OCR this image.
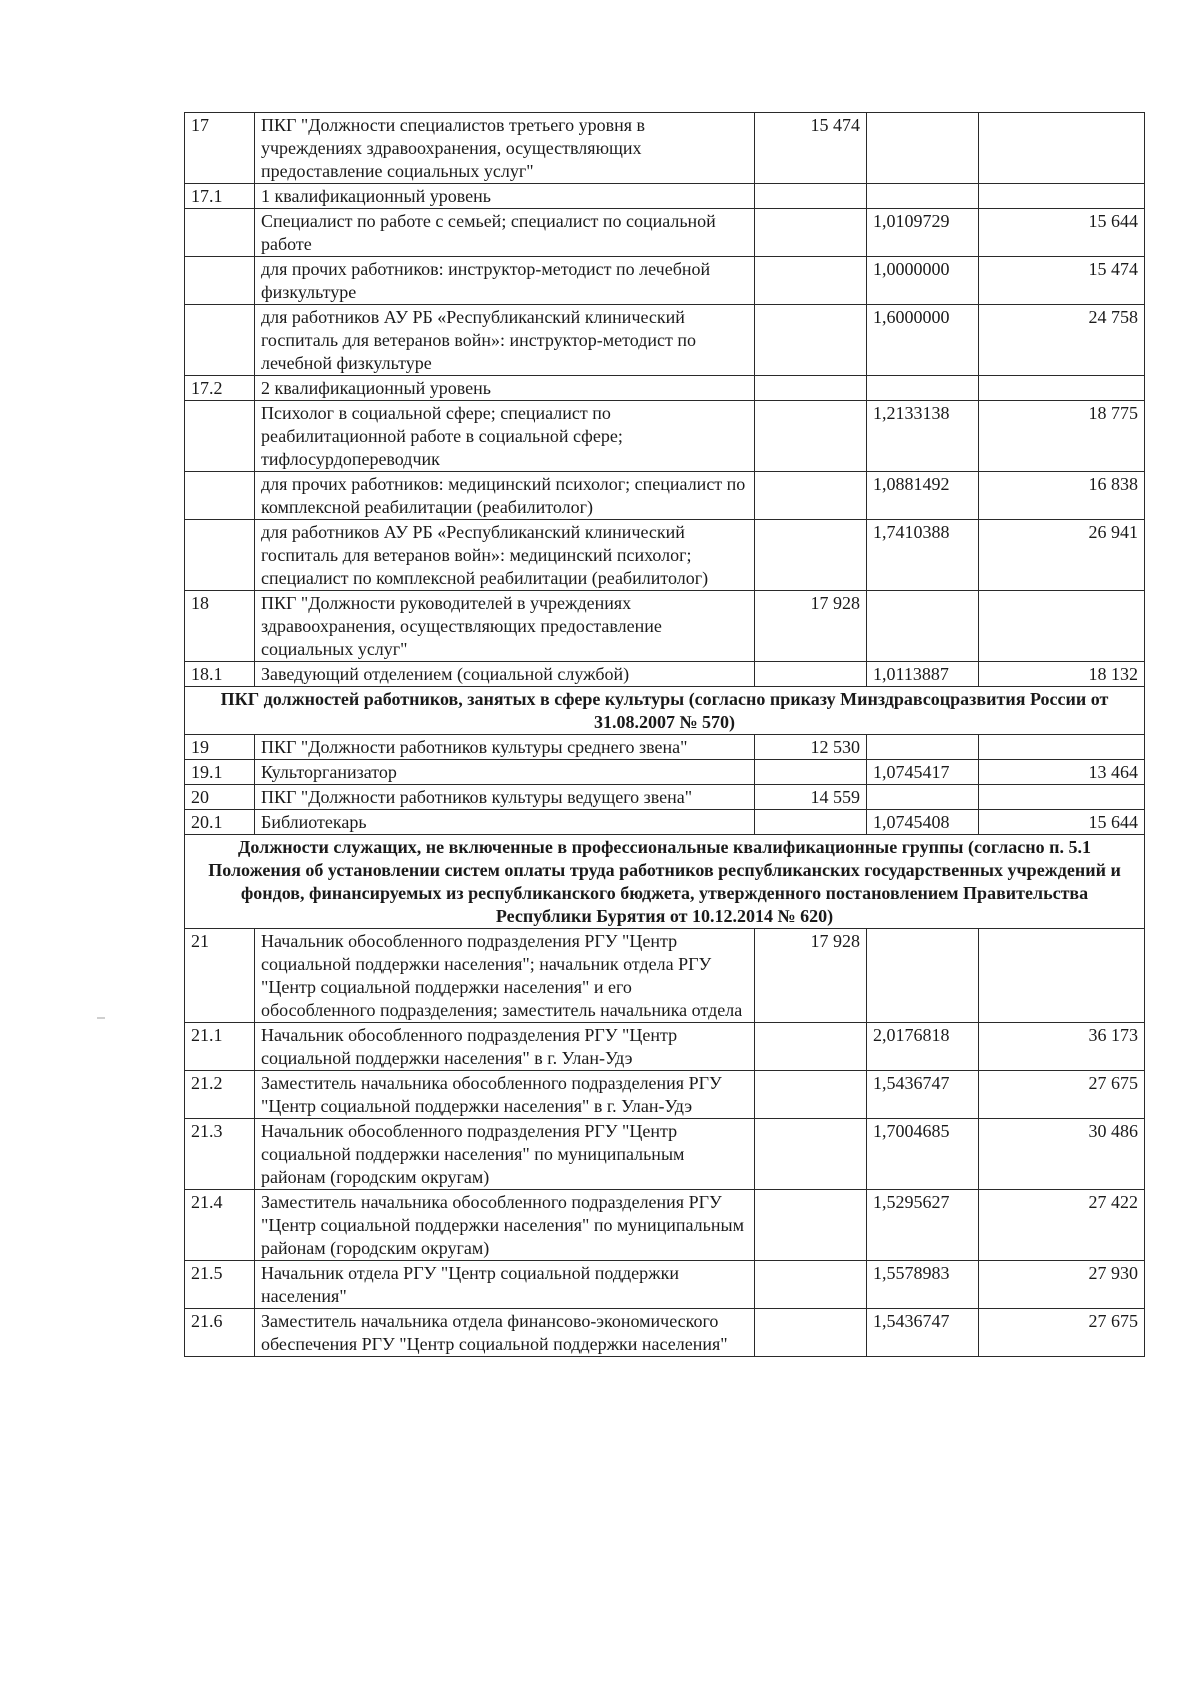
17	ПКГ "Должности специалистов третьего уровня в учреждениях здравоохранения, осуществляющих предоставление социальных услуг"	15 474		
17.1	1 квалификационный уровень			
	Специалист по работе с семьей; специалист по социальной работе		1,0109729	15 644
	для прочих работников: инструктор-методист по лечебной физкультуре		1,0000000	15 474
	для работников АУ РБ «Республиканский клинический госпиталь для ветеранов войн»: инструктор-методист по лечебной физкультуре		1,6000000	24 758
17.2	2 квалификационный уровень			
	Психолог в социальной сфере; специалист по реабилитационной работе в социальной сфере; тифлосурдопереводчик		1,2133138	18 775
	для прочих работников: медицинский психолог; специалист по комплексной реабилитации (реабилитолог)		1,0881492	16 838
	для работников АУ РБ «Республиканский клинический госпиталь для ветеранов войн»: медицинский психолог; специалист по комплексной реабилитации (реабилитолог)		1,7410388	26 941
18	ПКГ "Должности руководителей в учреждениях здравоохранения, осуществляющих предоставление социальных услуг"	17 928		
18.1	Заведующий отделением (социальной службой)		1,0113887	18 132
ПКГ должностей работников, занятых в сфере культуры (согласно приказу Минздравсоцразвития России от 31.08.2007 № 570)				
19	ПКГ "Должности работников культуры среднего звена"	12 530		
19.1	Культорганизатор		1,0745417	13 464
20	ПКГ "Должности работников культуры ведущего звена"	14 559		
20.1	Библиотекарь		1,0745408	15 644
Должности служащих, не включенные в профессиональные квалификационные группы (согласно п. 5.1 Положения об установлении систем оплаты труда работников республиканских государственных учреждений и фондов, финансируемых из республиканского бюджета, утвержденного постановлением Правительства Республики Бурятия от 10.12.2014 № 620)				
21	Начальник обособленного подразделения РГУ "Центр социальной поддержки населения"; начальник отдела РГУ "Центр социальной поддержки населения" и его обособленного подразделения; заместитель начальника отдела	17 928		
21.1	Начальник обособленного подразделения РГУ "Центр социальной поддержки населения" в г. Улан-Удэ		2,0176818	36 173
21.2	Заместитель начальника обособленного подразделения РГУ "Центр социальной поддержки населения" в г. Улан-Удэ		1,5436747	27 675
21.3	Начальник обособленного подразделения РГУ "Центр социальной поддержки населения" по муниципальным районам (городским округам)		1,7004685	30 486
21.4	Заместитель начальника обособленного подразделения РГУ "Центр социальной поддержки населения" по муниципальным районам (городским округам)		1,5295627	27 422
21.5	Начальник отдела РГУ "Центр социальной поддержки населения"		1,5578983	27 930
21.6	Заместитель начальника отдела финансово-экономического обеспечения РГУ "Центр социальной поддержки населения"		1,5436747	27 675
